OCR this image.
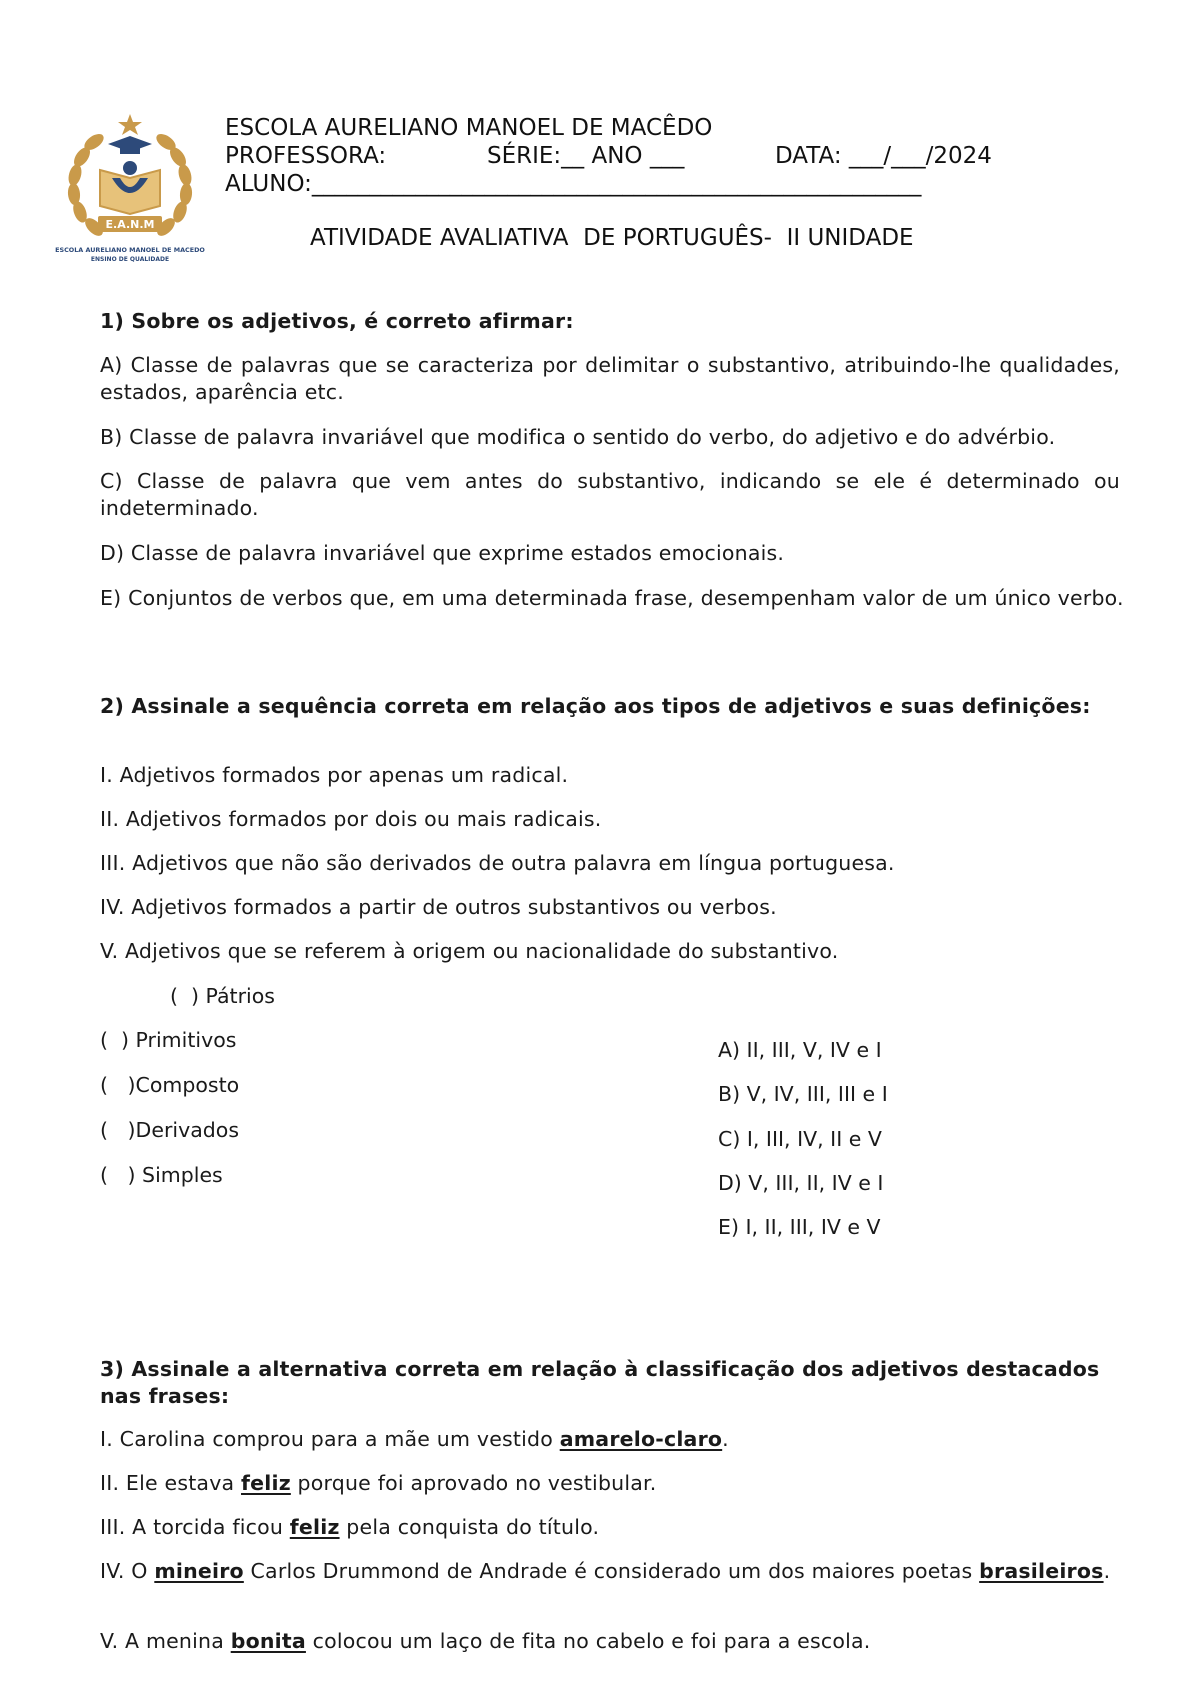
E.A.N.M
ESCOLA AURELIANO MANOEL DE MACEDO
ENSINO DE QUALIDADE
ESCOLA AURELIANO MANOEL DE MACÊDO
PROFESSORA:	SÉRIE:__ ANO ___	DATA: ___/___/2024
ALUNO:_____________________________________________________
ATIVIDADE AVALIATIVA  DE PORTUGUÊS-  II UNIDADE
1) Sobre os adjetivos, é correto afirmar:
A) Classe de palavras que se caracteriza por delimitar o substantivo, atribuindo-lhe qualidades, estados, aparência etc.
B) Classe de palavra invariável que modifica o sentido do verbo, do adjetivo e do advérbio.
C) Classe de palavra que vem antes do substantivo, indicando se ele é determinado ou indeterminado.
D) Classe de palavra invariável que exprime estados emocionais.
E) Conjuntos de verbos que, em uma determinada frase, desempenham valor de um único verbo.
2) Assinale a sequência correta em relação aos tipos de adjetivos e suas definições:
I. Adjetivos formados por apenas um radical.
II. Adjetivos formados por dois ou mais radicais.
III. Adjetivos que não são derivados de outra palavra em língua portuguesa.
IV. Adjetivos formados a partir de outros substantivos ou verbos.
V. Adjetivos que se referem à origem ou nacionalidade do substantivo.
(  ) Pátrios
(  ) Primitivos
(   )Composto
(   )Derivados
(   ) Simples
A) II, III, V, IV e I
B) V, IV, III, III e I
C) I, III, IV, II e V
D) V, III, II, IV e I
E) I, II, III, IV e V
3) Assinale a alternativa correta em relação à classificação dos adjetivos destacados nas frases:
I. Carolina comprou para a mãe um vestido amarelo-claro.
II. Ele estava feliz porque foi aprovado no vestibular.
III. A torcida ficou feliz pela conquista do título.
IV. O mineiro Carlos Drummond de Andrade é considerado um dos maiores poetas brasileiros.
V. A menina bonita colocou um laço de fita no cabelo e foi para a escola.
